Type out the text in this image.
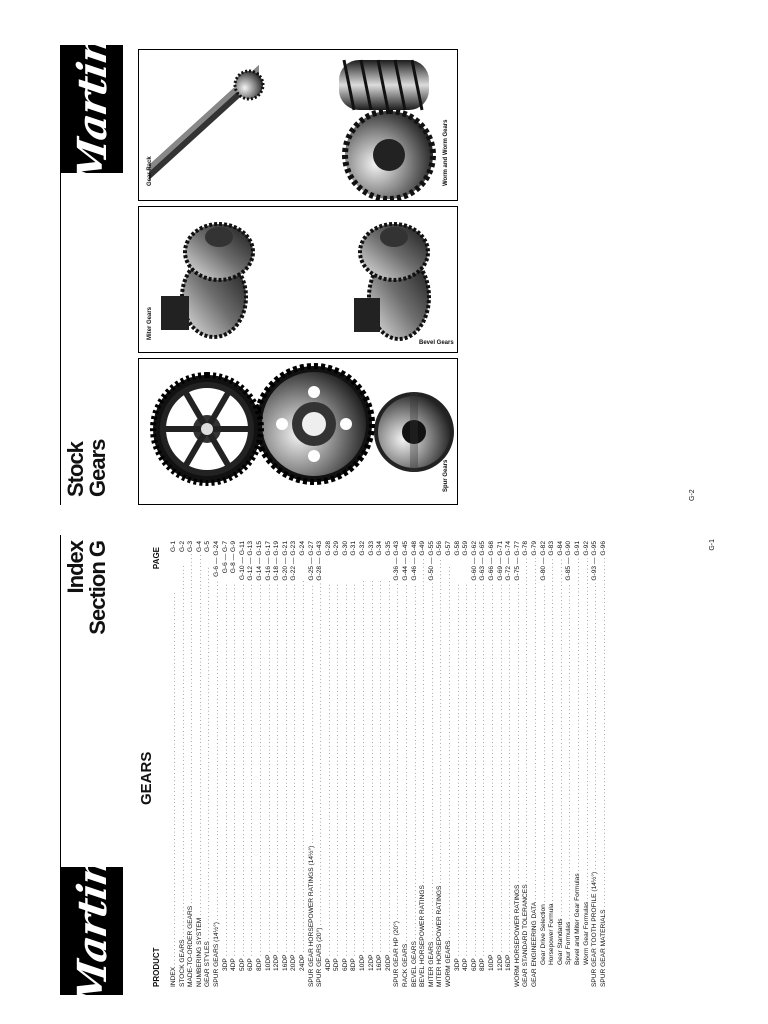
Martin
Index
Section G
GEARS
PRODUCT
PAGE
INDEX
. . .
G-1
STOCK GEARS
. . .
G-2
MADE-TO-ORDER GEARS
. . .
G-3
NUMBERING SYSTEM
. . .
G-4
GEAR STYLES
. . .
G-5
SPUR GEARS (14½°)
. . .
G-6 — G-24
3DP
. . .
G-6 — G-7
4DP
. . .
G-8 — G-9
5DP
. . .
G-10 — G-11
6DP
. . .
G-12 — G-13
8DP
. . .
G-14 — G-15
10DP
. . .
G-16 — G-17
12DP
. . .
G-18 — G-19
16DP
. . .
G-20 — G-21
20DP
. . .
G-22 — G-23
24DP
. . .
G-24
SPUR GEAR HORSEPOWER RATINGS (14½°)
. . .
G-25 — G-27
SPUR GEARS (20°)
. . .
G-28 — G-43
4DP
. . .
G-28
5DP
. . .
G-29
6DP
. . .
G-30
8DP
. . .
G-31
10DP
. . .
G-32
12DP
. . .
G-33
16DP
. . .
G-34
20DP
. . .
G-35
SPUR GEAR HP (20°)
. . .
G-36 — G-43
RACK GEARS
. . .
G-44 — G-45
BEVEL GEARS
. . .
G-46 — G-48
BEVEL HORSEPOWER RATINGS
. . .
G-49
MITER GEARS
. . .
G-50 — G-55
MITER HORSEPOWER RATINGS
. . .
G-56
WORM GEARS
. . .
G-57
3DP
. . .
G-58
4DP
. . .
G-59
6DP
. . .
G-60 — G-62
8DP
. . .
G-63 — G-65
10DP
. . .
G-66 — G-68
12DP
. . .
G-69 — G-71
16DP
. . .
G-72 — G-74
WORM HORSEPOWER RATINGS
. . .
G-75 — G-77
GEAR STANDARD TOLERANCES
. . .
G-78
GEAR ENGINEERING DATA
. . .
G-79
Gear Drive Selection
. . .
G-80 — G-82
Horsepower Formula
. . .
G-83
Gear Standards
. . .
G-84
Spur Formulas
. . .
G-85 — G-90
Bevel and Miter Gear Formulas
. . .
G-91
Worm Gear Formulas
. . .
G-92
SPUR GEAR TOOTH PROFILE (14½°)
. . .
G-93 — G-95
SPUR GEAR MATERIALS
. . .
G-96	G-1
Stock
Gears
Martin
Spur Gears
Bevel Gears
Miter Gears
Worm and Worm Gears
Gear Rack
G-2
